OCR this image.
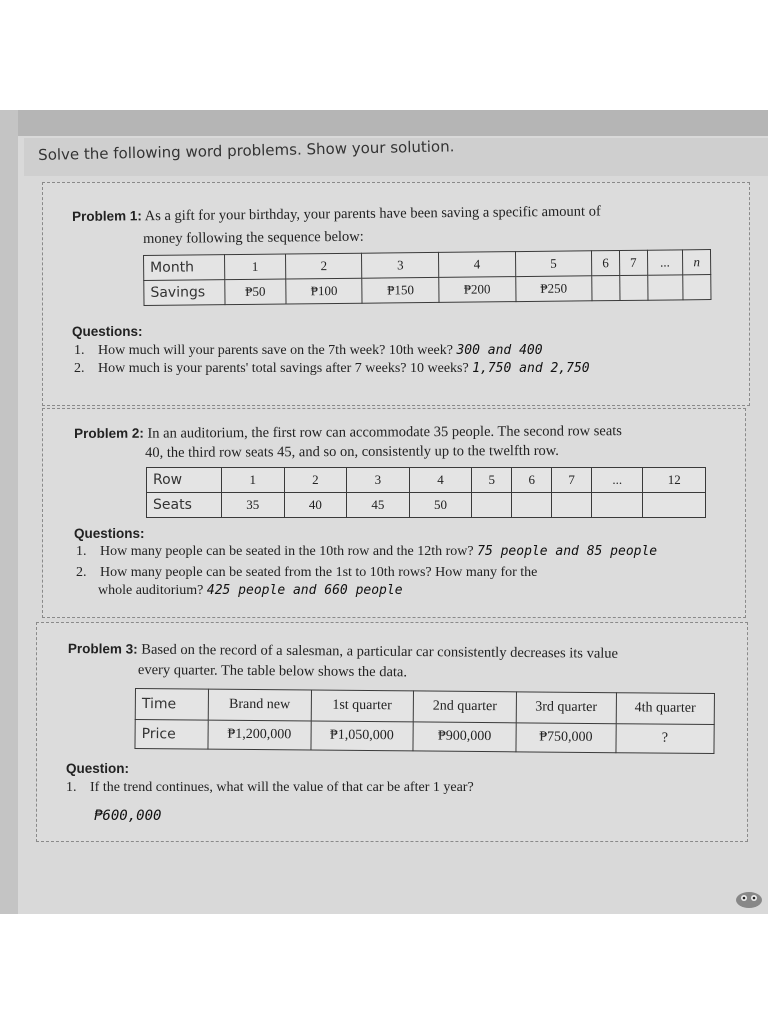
Solve the following word problems. Show your solution.
Problem 1: As a gift for your birthday, your parents have been saving a specific amount of
money following the sequence below:
Month	1	2	3	4	5	6	7	...	n
Savings	₱50	₱100	₱150	₱200	₱250				
Questions:
1. How much will your parents save on the 7th week? 10th week? 300 and 400
2. How much is your parents' total savings after 7 weeks? 10 weeks? 1,750 and 2,750
Problem 2: In an auditorium, the first row can accommodate 35 people. The second row seats
40, the third row seats 45, and so on, consistently up to the twelfth row.
Row	1	2	3	4	5	6	7	...	12
Seats	35	40	45	50					
Questions:
1. How many people can be seated in the 10th row and the 12th row? 75 people and 85 people
2. How many people can be seated from the 1st to 10th rows? How many for the
whole auditorium? 425 people and 660 people
Problem 3: Based on the record of a salesman, a particular car consistently decreases its value
every quarter. The table below shows the data.
Time	Brand new	1st quarter	2nd quarter	3rd quarter	4th quarter
Price	₱1,200,000	₱1,050,000	₱900,000	₱750,000	?
Question:
1. If the trend continues, what will the value of that car be after 1 year?
₱600,000
